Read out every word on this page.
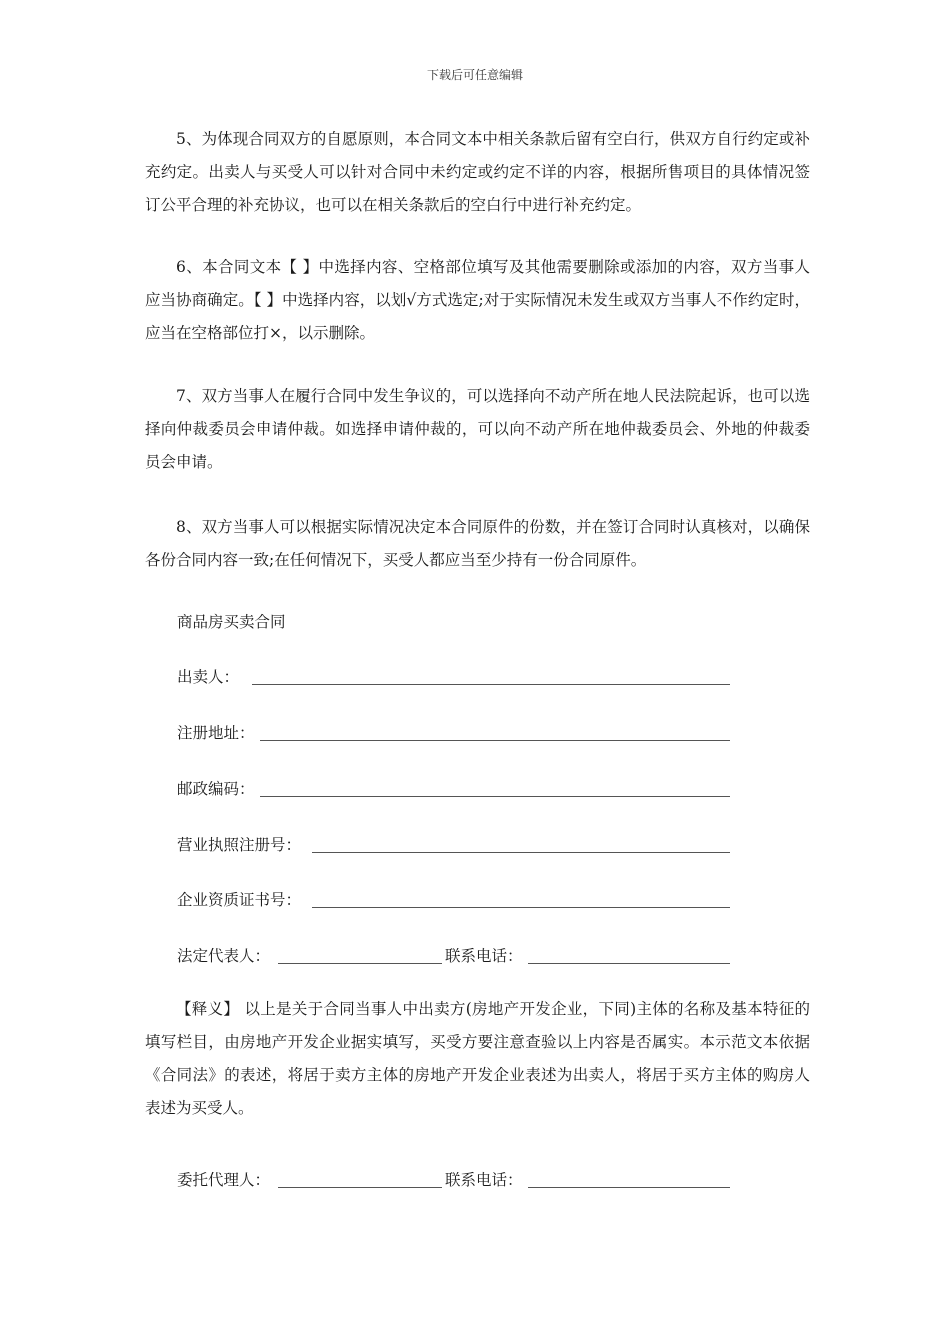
下载后可任意编辑

5、为体现合同双方的自愿原则，本合同文本中相关条款后留有空白行，供双方自行约定或补充约定。出卖人与买受人可以针对合同中未约定或约定不详的内容，根据所售项目的具体情况签订公平合理的补充协议，也可以在相关条款后的空白行中进行补充约定。

6、本合同文本【 】中选择内容、空格部位填写及其他需要删除或添加的内容，双方当事人应当协商确定。【 】中选择内容，以划√方式选定;对于实际情况未发生或双方当事人不作约定时，应当在空格部位打×，以示删除。

7、双方当事人在履行合同中发生争议的，可以选择向不动产所在地人民法院起诉，也可以选择向仲裁委员会申请仲裁。如选择申请仲裁的，可以向不动产所在地仲裁委员会、外地的仲裁委员会申请。

8、双方当事人可以根据实际情况决定本合同原件的份数，并在签订合同时认真核对，以确保各份合同内容一致;在任何情况下，买受人都应当至少持有一份合同原件。

商品房买卖合同
出卖人：
注册地址：
邮政编码：
营业执照注册号：
企业资质证书号：
法定代表人：	联系电话：

【释义】 以上是关于合同当事人中出卖方(房地产开发企业，下同)主体的名称及基本特征的填写栏目，由房地产开发企业据实填写，买受方要注意查验以上内容是否属实。本示范文本依据《合同法》的表述，将居于卖方主体的房地产开发企业表述为出卖人，将居于买方主体的购房人表述为买受人。

委托代理人：	联系电话：
